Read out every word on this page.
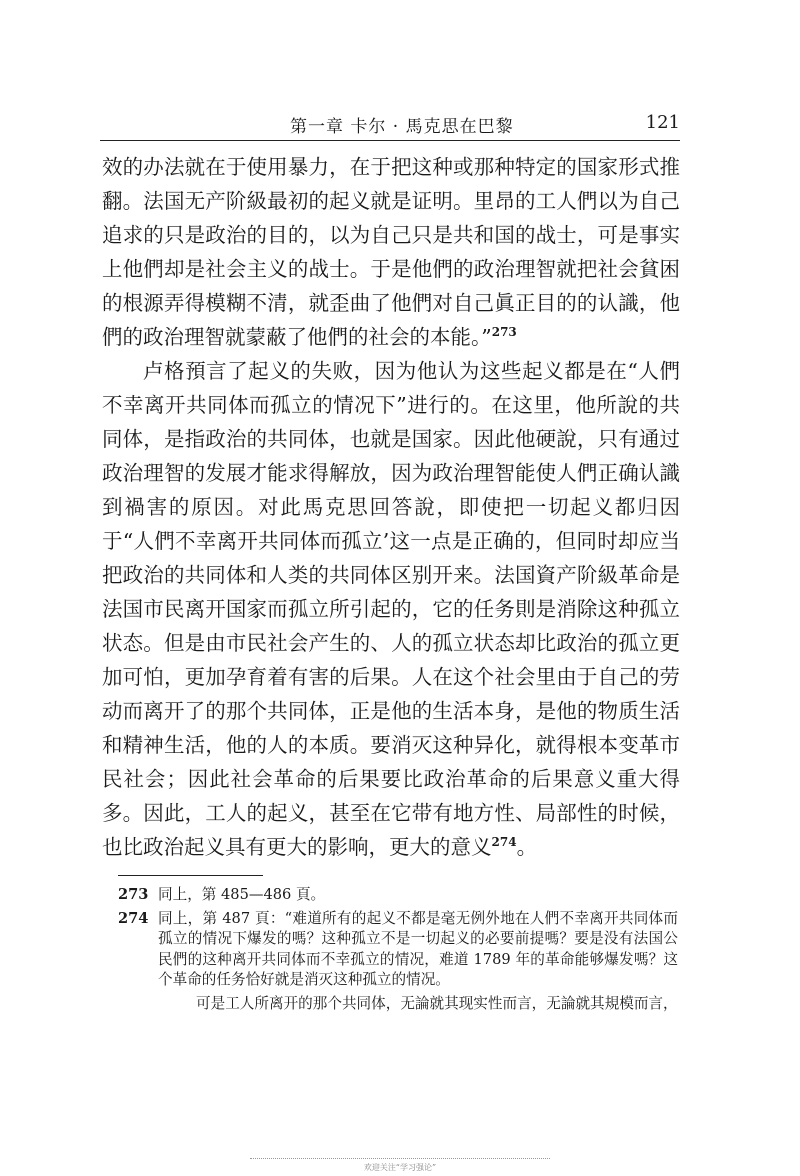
第一章 卡尔 · 馬克思在巴黎	121

效的办法就在于使用暴力，在于把这种或那种特定的国家形式推翻。法国无产阶級最初的起义就是证明。里昂的工人們以为自己追求的只是政治的目的，以为自己只是共和国的战士，可是事实上他們却是社会主义的战士。于是他們的政治理智就把社会貧困的根源弄得模糊不清，就歪曲了他們对自己眞正目的的认識，他們的政治理智就蒙蔽了他們的社会的本能。”$^{273}$

卢格預言了起义的失败，因为他认为这些起义都是在“人們不幸离开共同体而孤立的情况下”进行的。在这里，他所說的共同体，是指政治的共同体，也就是国家。因此他硬說，只有通过政治理智的发展才能求得解放，因为政治理智能使人們正确认識到禍害的原因。对此馬克思回答說，即使把一切起义都归因于“人們不幸离开共同体而孤立’这一点是正确的，但同时却应当把政治的共同体和人类的共同体区别开来。法国資产阶級革命是法国市民离开国家而孤立所引起的，它的任务則是消除这种孤立状态。但是由市民社会产生的、人的孤立状态却比政治的孤立更加可怕，更加孕育着有害的后果。人在这个社会里由于自己的劳动而离开了的那个共同体，正是他的生活本身，是他的物质生活和精神生活，他的人的本质。要消灭这种异化，就得根本变革市民社会；因此社会革命的后果要比政治革命的后果意义重大得多。因此，工人的起义，甚至在它带有地方性、局部性的时候，也比政治起义具有更大的影响，更大的意义$^{274}$。

273 同上，第 485—486 頁。
274 同上，第 487 頁：“难道所有的起义不都是毫无例外地在人們不幸离开共同体而孤立的情况下爆发的嗎？这种孤立不是一切起义的必要前提嗎？要是没有法国公民們的这种离开共同体而不幸孤立的情况，难道 1789 年的革命能够爆发嗎？这个革命的任务恰好就是消灭这种孤立的情况。
可是工人所离开的那个共同体，无論就其现实性而言，无論就其規模而言，
欢迎关注“学习强论”
